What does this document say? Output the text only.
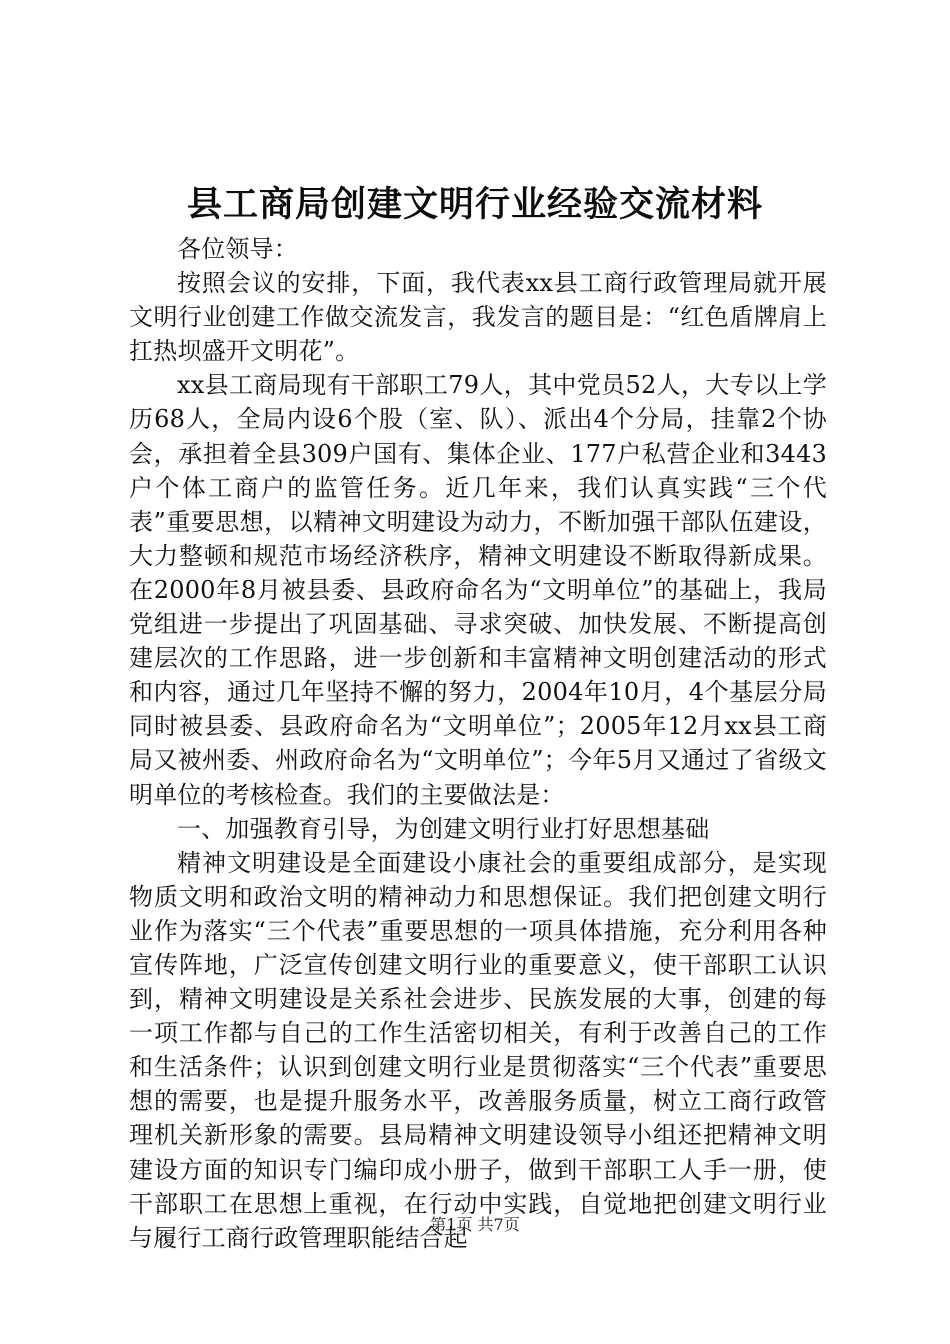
县工商局创建文明行业经验交流材料

各位领导：

按照会议的安排，下面，我代表xx县工商行政管理局就开展文明行业创建工作做交流发言，我发言的题目是：“红色盾牌肩上扛热坝盛开文明花”。

xx县工商局现有干部职工79人，其中党员52人，大专以上学历68人，全局内设6个股（室、队）、派出4个分局，挂靠2个协会，承担着全县309户国有、集体企业、177户私营企业和3443户个体工商户的监管任务。近几年来，我们认真实践“三个代表”重要思想，以精神文明建设为动力，不断加强干部队伍建设，大力整顿和规范市场经济秩序，精神文明建设不断取得新成果。在2000年8月被县委、县政府命名为“文明单位”的基础上，我局党组进一步提出了巩固基础、寻求突破、加快发展、不断提高创建层次的工作思路，进一步创新和丰富精神文明创建活动的形式和内容，通过几年坚持不懈的努力，2004年10月，4个基层分局同时被县委、县政府命名为“文明单位”；2005年12月xx县工商局又被州委、州政府命名为“文明单位”；今年5月又通过了省级文明单位的考核检查。我们的主要做法是：

一、加强教育引导，为创建文明行业打好思想基础

精神文明建设是全面建设小康社会的重要组成部分，是实现物质文明和政治文明的精神动力和思想保证。我们把创建文明行业作为落实“三个代表”重要思想的一项具体措施，充分利用各种宣传阵地，广泛宣传创建文明行业的重要意义，使干部职工认识到，精神文明建设是关系社会进步、民族发展的大事，创建的每一项工作都与自己的工作生活密切相关，有利于改善自己的工作和生活条件；认识到创建文明行业是贯彻落实“三个代表”重要思想的需要，也是提升服务水平，改善服务质量，树立工商行政管理机关新形象的需要。县局精神文明建设领导小组还把精神文明建设方面的知识专门编印成小册子，做到干部职工人手一册，使干部职工在思想上重视，在行动中实践，自觉地把创建文明行业与履行工商行政管理职能结合起

第1页 共7页
